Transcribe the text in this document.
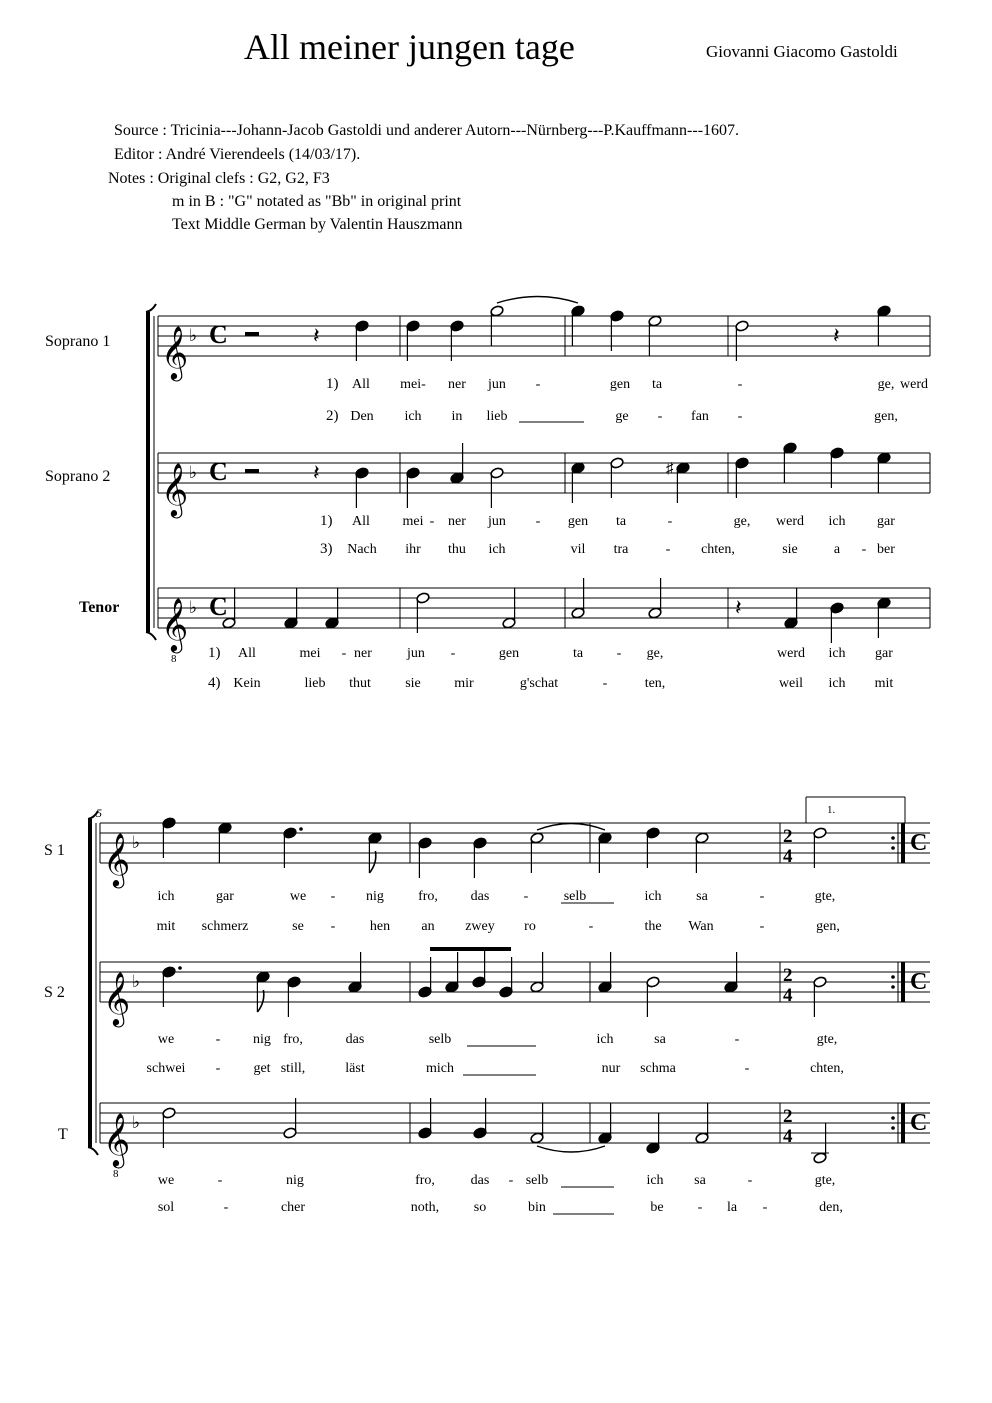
All meiner jungen tage	Giovanni Giacomo Gastoldi
Source : Tricinia---Johann-Jacob Gastoldi und anderer Autorn---Nürnberg---P.Kauffmann---1607.
Editor : André Vierendeels (14/03/17).
Notes : Original clefs : G2, G2, F3
m in B : "G" notated as "Bb" in original print
Text Middle German by Valentin Hauszmann
𝄞 ♭ C
𝄞 ♭ C
𝄞
8
♭ C
Soprano 1
Soprano 2
Tenor
𝄽	𝄽
𝄽	♯
𝄽
1) All mei- ner jun -	gen ta	-	ge, werd
2) Den ich in lieb	ge - fan -	gen,
1) All mei - ner jun - gen ta	-	ge, werd ich gar
3) Nach ihr thu ich	vil tra	- chten,	sie	a - ber
1) All	mei - ner	jun -	gen	ta - ge,	werd ich gar
4) Kein	lieb thut sie mir	g'schat	-	ten,	weil ich mit
5
𝄞 ♭	2
4
C
𝄞 ♭	2
4
C
𝄞
8
♭	2
4
C
S 1
S 2
T
1.
ich	gar	we - nig fro, das -	selb	ich sa	-	gte,
mit schmerz	se - hen an zwey ro	-	the Wan	-	gen,
we	- nig fro,	das	selb	ich	sa	-	gte,
schwei - get still,	läst	mich	nur schma	-	chten,
we	-	nig	fro,	das - selb	ich sa	-	gte,
sol	-	cher	noth, so	bin	be - la -	den,
